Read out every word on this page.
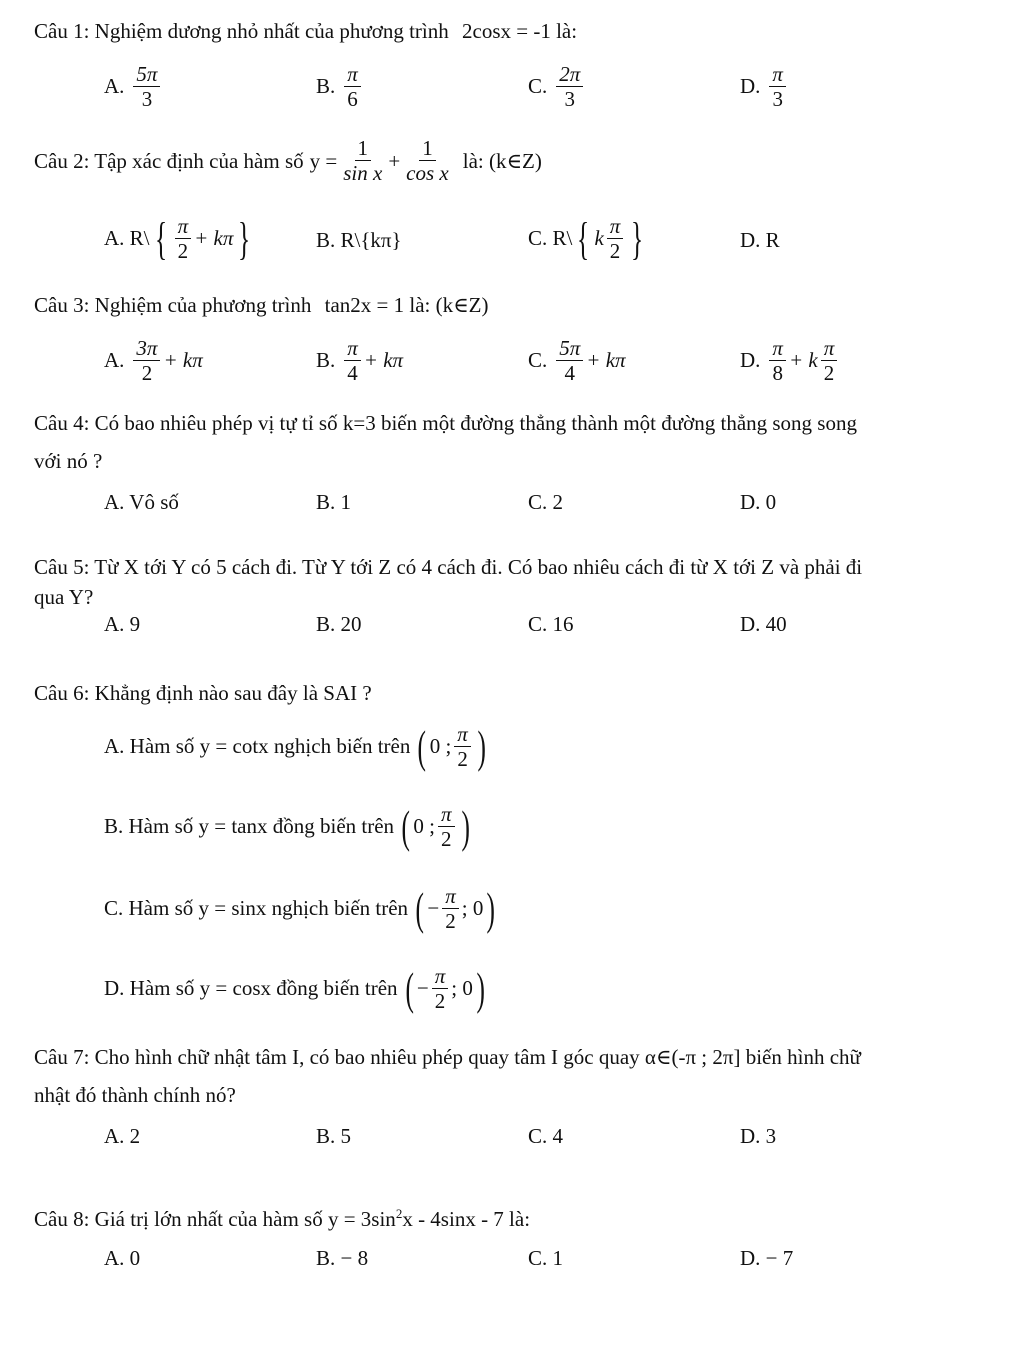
Câu 1: Nghiệm dương nhỏ nhất của phương trình 2cosx = -1 là:
A. $\frac{5\pi}{3}$	B. $\frac{\pi}{6}$	C. $\frac{2\pi}{3}$	D. $\frac{\pi}{3}$
Câu 2: Tập xác định của hàm số $y = \frac{1}{\text{sin x}} + \frac{1}{\text{cos x}}$ là: (k∈Z)
A. R\ { $\frac{\pi}{2} + k\pi$ }	B. R\{kπ}	C. R\ { k $\frac{\pi}{2}$ }	D. R
Câu 3: Nghiệm của phương trình tan2x = 1 là: (k∈Z)
A. $\frac{3\pi}{2} + k\pi$	B. $\frac{\pi}{4} + k\pi$	C. $\frac{5\pi}{4} + k\pi$	D. $\frac{\pi}{8} + k \frac{\pi}{2}$
Câu 4: Có bao nhiêu phép vị tự tỉ số k=3 biến một đường thẳng thành một đường thẳng song song
với nó ?
A. Vô số	B. 1	C. 2	D. 0
Câu 5: Từ X tới Y có 5 cách đi. Từ Y tới Z có 4 cách đi. Có bao nhiêu cách đi từ X tới Z và phải đi
qua Y?
A. 9	B. 20	C. 16	D. 40
Câu 6: Khẳng định nào sau đây là SAI ?
A. Hàm số y = cotx nghịch biến trên ( 0 ; $\frac{\pi}{2}$ )
B. Hàm số y = tanx đồng biến trên ( 0 ; $\frac{\pi}{2}$ )
C. Hàm số y = sinx nghịch biến trên ( − $\frac{\pi}{2}$ ; 0 )
D. Hàm số y = cosx đồng biến trên ( − $\frac{\pi}{2}$ ; 0 )
Câu 7: Cho hình chữ nhật tâm I, có bao nhiêu phép quay tâm I góc quay α∈(-π ; 2π] biến hình chữ
nhật đó thành chính nó?
A. 2	B. 5	C. 4	D. 3
Câu 8: Giá trị lớn nhất của hàm số $y = 3\sin^2x - 4\sin x - 7$ là:
A. 0	B. − 8	C. 1	D. − 7
